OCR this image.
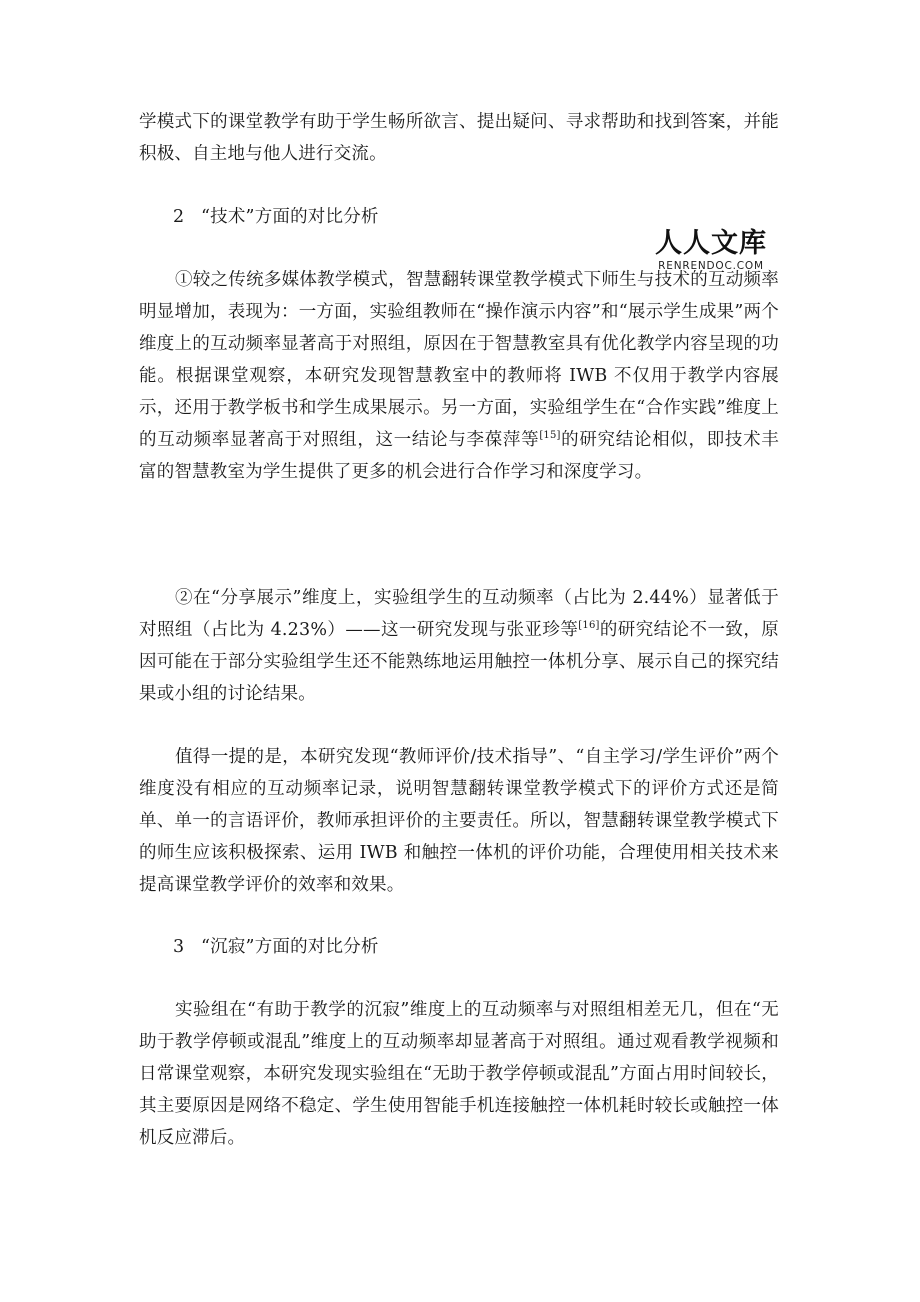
学模式下的课堂教学有助于学生畅所欲言、提出疑问、寻求帮助和找到答案，并能积极、自主地与他人进行交流。

2 “技术”方面的对比分析

①较之传统多媒体教学模式，智慧翻转课堂教学模式下师生与技术的互动频率明显增加，表现为：一方面，实验组教师在“操作演示内容”和“展示学生成果”两个维度上的互动频率显著高于对照组，原因在于智慧教室具有优化教学内容呈现的功能。根据课堂观察，本研究发现智慧教室中的教师将 IWB 不仅用于教学内容展示，还用于教学板书和学生成果展示。另一方面，实验组学生在“合作实践”维度上的互动频率显著高于对照组，这一结论与李葆萍等[15]的研究结论相似，即技术丰富的智慧教室为学生提供了更多的机会进行合作学习和深度学习。

②在“分享展示”维度上，实验组学生的互动频率（占比为 2.44%）显著低于对照组（占比为 4.23%）——这一研究发现与张亚珍等[16]的研究结论不一致，原因可能在于部分实验组学生还不能熟练地运用触控一体机分享、展示自己的探究结果或小组的讨论结果。

值得一提的是，本研究发现“教师评价/技术指导”、“自主学习/学生评价”两个维度没有相应的互动频率记录，说明智慧翻转课堂教学模式下的评价方式还是简单、单一的言语评价，教师承担评价的主要责任。所以，智慧翻转课堂教学模式下的师生应该积极探索、运用 IWB 和触控一体机的评价功能，合理使用相关技术来提高课堂教学评价的效率和效果。

3 “沉寂”方面的对比分析

实验组在“有助于教学的沉寂”维度上的互动频率与对照组相差无几，但在“无助于教学停顿或混乱”维度上的互动频率却显著高于对照组。通过观看教学视频和日常课堂观察，本研究发现实验组在“无助于教学停顿或混乱”方面占用时间较长，其主要原因是网络不稳定、学生使用智能手机连接触控一体机耗时较长或触控一体机反应滞后。

人人文库
RENRENDOC.COM
